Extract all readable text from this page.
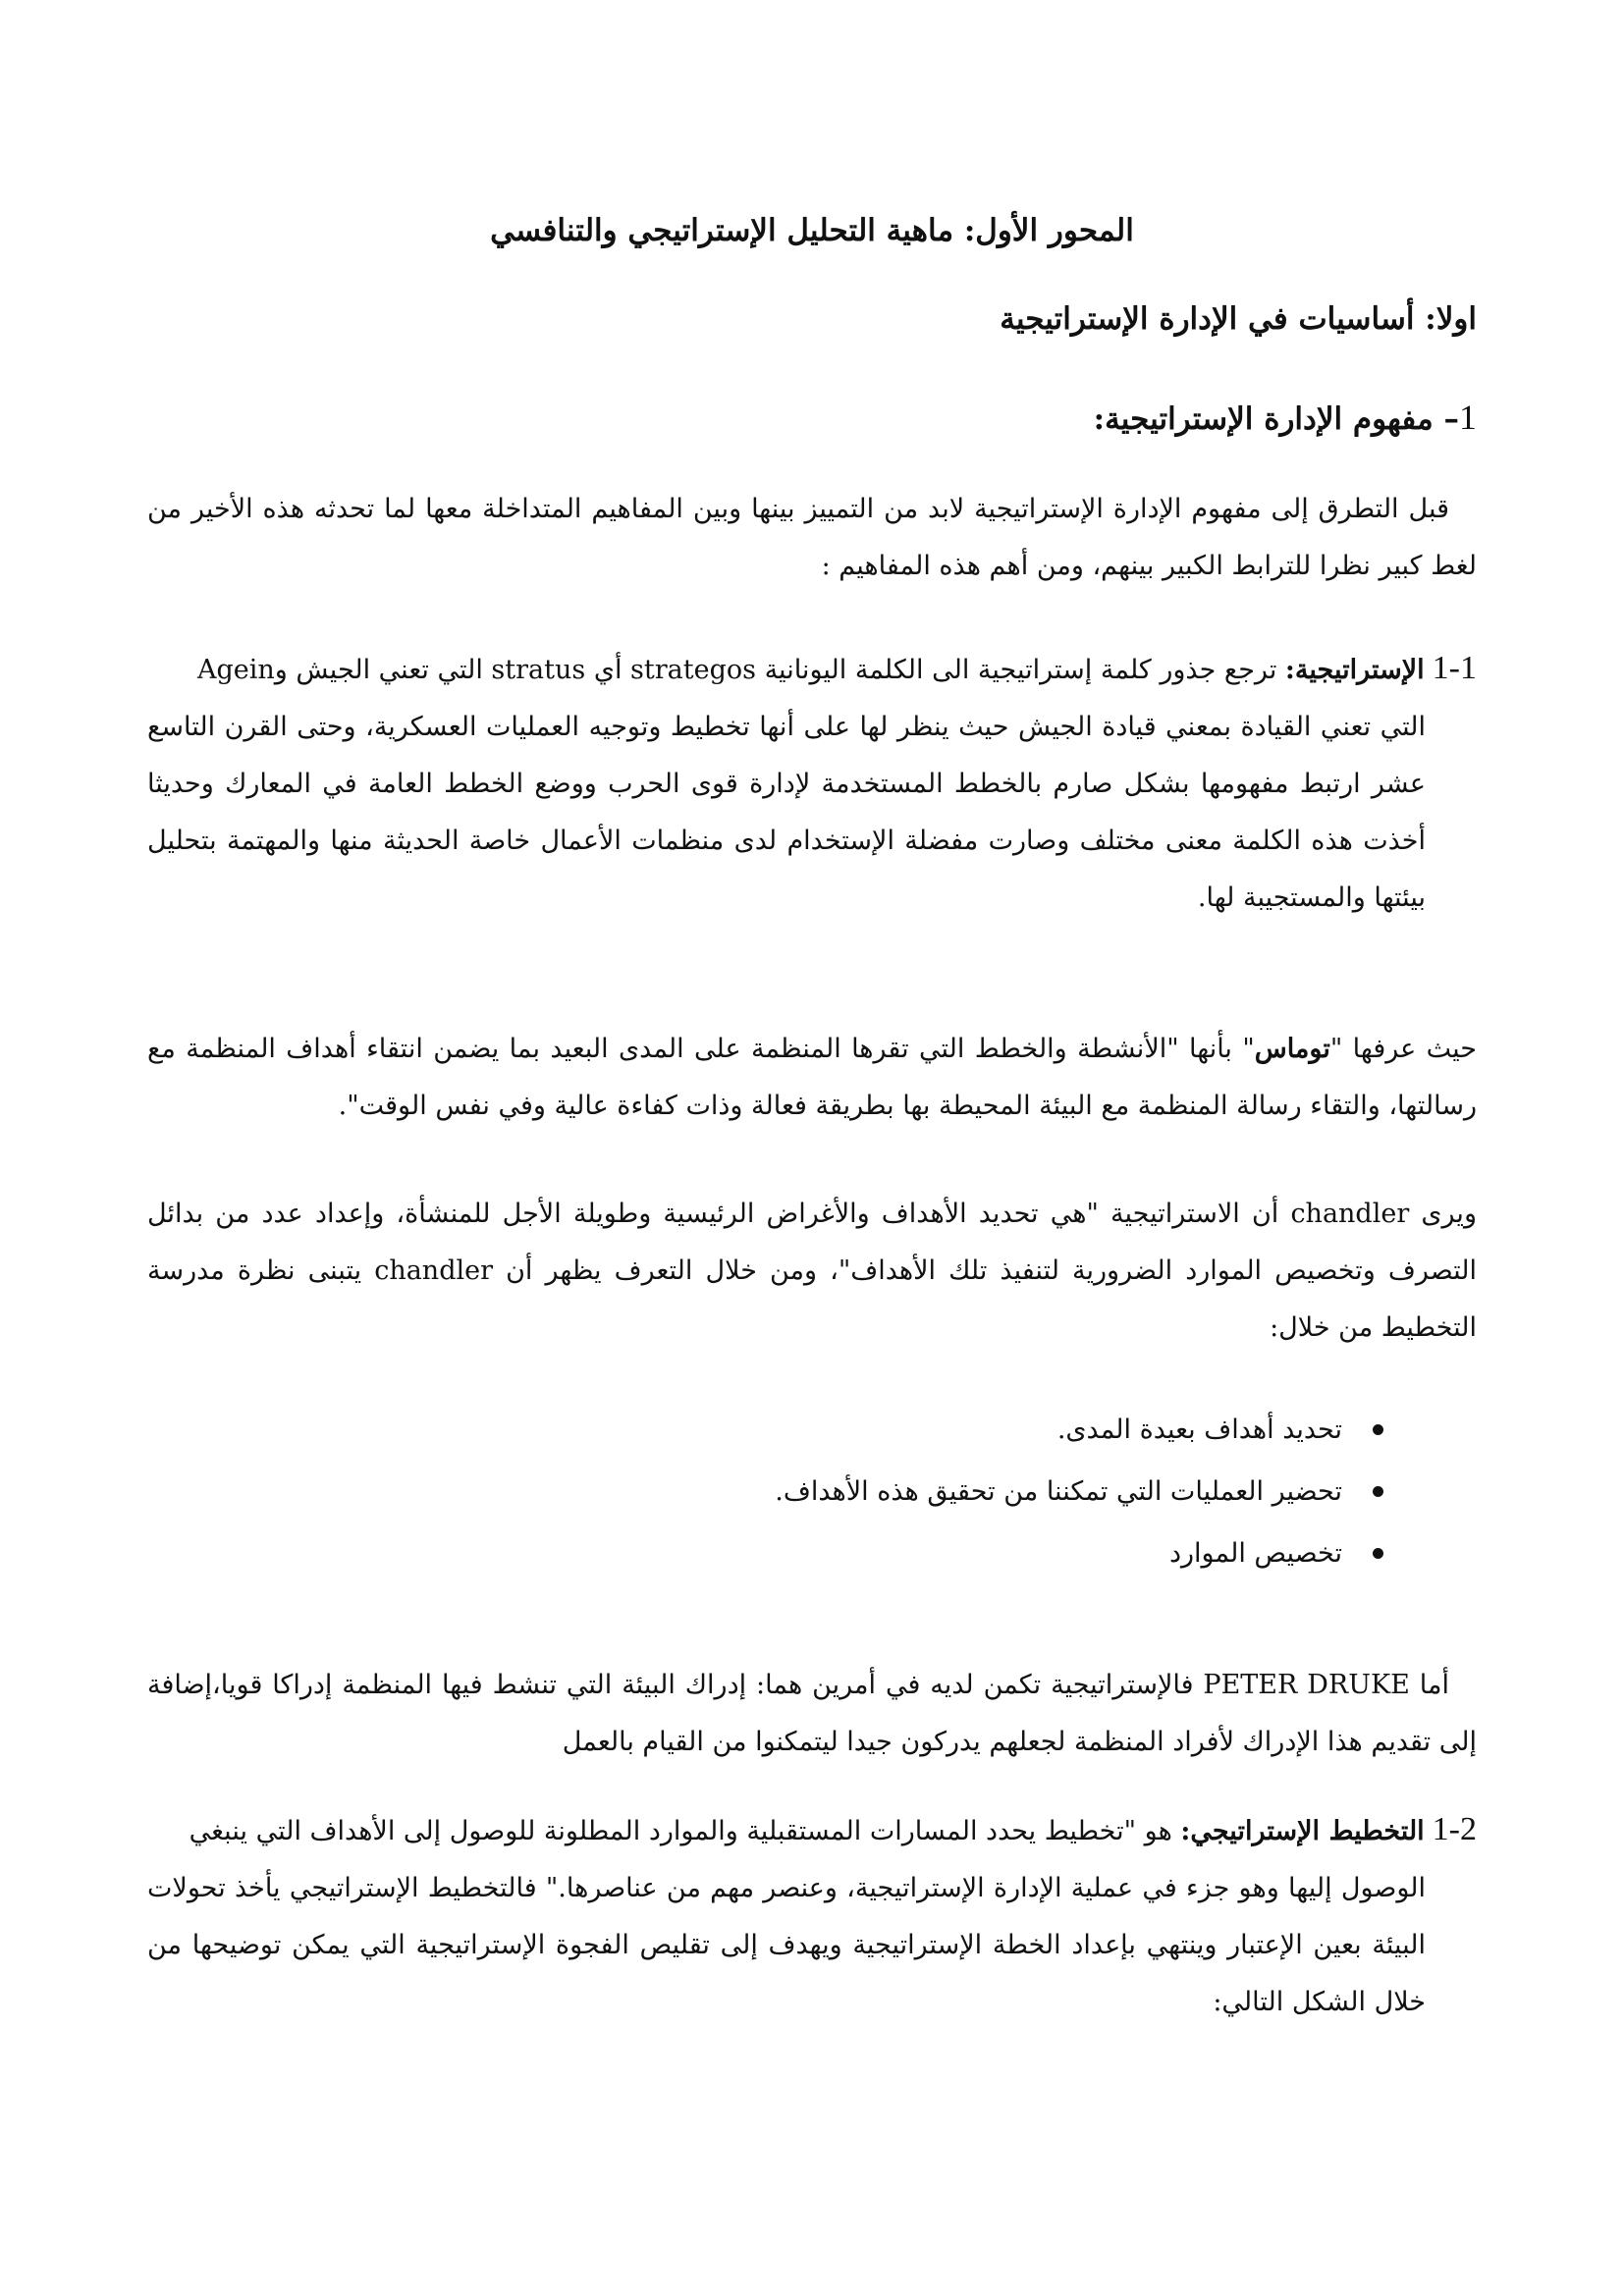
المحور الأول: ماهية التحليل الإستراتيجي والتنافسي
اولا: أساسيات في الإدارة الإستراتيجية
1– مفهوم الإدارة الإستراتيجية:

قبل التطرق إلى مفهوم الإدارة الإستراتيجية لابد من التمييز بينها وبين المفاهيم المتداخلة معها لما تحدثه هذه الأخير من لغط كبير نظرا للترابط الكبير بينهم، ومن أهم هذه المفاهيم :

1-1الإستراتيجية: ترجع جذور كلمة إستراتيجية الى الكلمة اليونانية strategos أي stratus التي تعني الجيش وAgein
التي تعني القيادة بمعني قيادة الجيش حيث ينظر لها على أنها تخطيط وتوجيه العمليات العسكرية، وحتى القرن التاسع عشر ارتبط مفهومها بشكل صارم بالخطط المستخدمة لإدارة قوى الحرب ووضع الخطط العامة في المعارك وحديثا أخذت هذه الكلمة معنى مختلف وصارت مفضلة الإستخدام لدى منظمات الأعمال خاصة الحديثة منها والمهتمة بتحليل بيئتها والمستجيبة لها.

حيث عرفها "توماس" بأنها "الأنشطة والخطط التي تقرها المنظمة على المدى البعيد بما يضمن انتقاء أهداف المنظمة مع رسالتها، والتقاء رسالة المنظمة مع البيئة المحيطة بها بطريقة فعالة وذات كفاءة عالية وفي نفس الوقت".

ويرى chandler أن الاستراتيجية "هي تحديد الأهداف والأغراض الرئيسية وطويلة الأجل للمنشأة، وإعداد عدد من بدائل التصرف وتخصيص الموارد الضرورية لتنفيذ تلك الأهداف"، ومن خلال التعرف يظهر أن chandler يتبنى نظرة مدرسة التخطيط من خلال:

تحديد أهداف بعيدة المدى.
تحضير العمليات التي تمكننا من تحقيق هذه الأهداف.
تخصيص الموارد

أما PETER DRUKE فالإستراتيجية تكمن لديه في أمرين هما: إدراك البيئة التي تنشط فيها المنظمة إدراكا قويا،إضافة إلى تقديم هذا الإدراك لأفراد المنظمة لجعلهم يدركون جيدا ليتمكنوا من القيام بالعمل

1-2التخطيط الإستراتيجي: هو "تخطيط يحدد المسارات المستقبلية والموارد المطلونة للوصول إلى الأهداف التي ينبغي
الوصول إليها وهو جزء في عملية الإدارة الإستراتيجية، وعنصر مهم من عناصرها." فالتخطيط الإستراتيجي يأخذ تحولات البيئة بعين الإعتبار وينتهي بإعداد الخطة الإستراتيجية ويهدف إلى تقليص الفجوة الإستراتيجية التي يمكن توضيحها من خلال الشكل التالي:
